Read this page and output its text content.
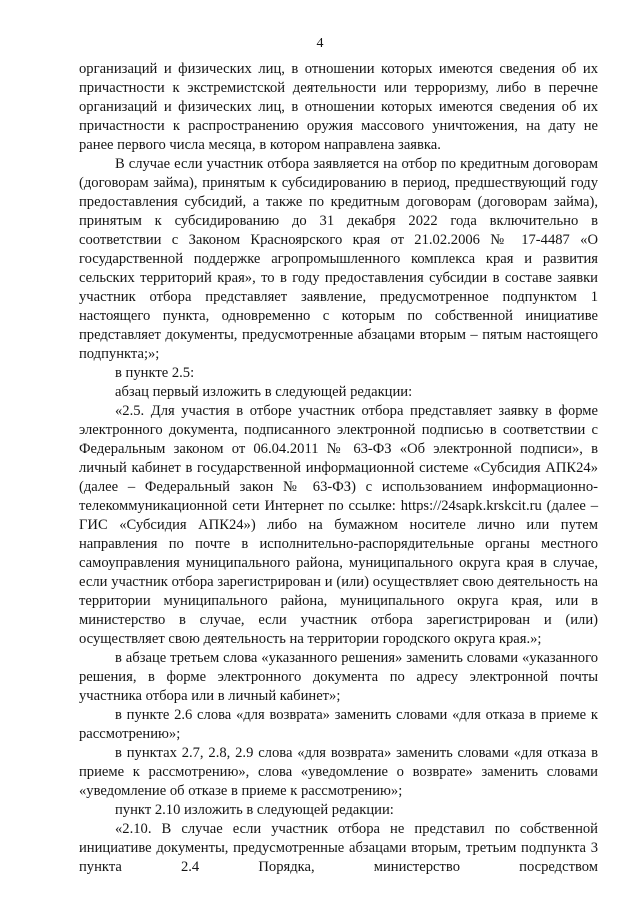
4

организаций и физических лиц, в отношении которых имеются сведения об их причастности к экстремистской деятельности или терроризму, либо в перечне организаций и физических лиц, в отношении которых имеются сведения об их причастности к распространению оружия массового уничтожения, на дату не ранее первого числа месяца, в котором направлена заявка.

В случае если участник отбора заявляется на отбор по кредитным договорам (договорам займа), принятым к субсидированию в период, предшествующий году предоставления субсидий, а также по кредитным договорам (договорам займа), принятым к субсидированию до 31 декабря 2022 года включительно в соответствии с Законом Красноярского края от 21.02.2006 № 17-4487 «О государственной поддержке агропромышленного комплекса края и развития сельских территорий края», то в году предоставления субсидии в составе заявки участник отбора представляет заявление, предусмотренное подпунктом 1 настоящего пункта, одновременно с которым по собственной инициативе представляет документы, предусмотренные абзацами вторым – пятым настоящего подпункта;»;

в пункте 2.5:

абзац первый изложить в следующей редакции:

«2.5. Для участия в отборе участник отбора представляет заявку в форме электронного документа, подписанного электронной подписью в соответствии с Федеральным законом от 06.04.2011 № 63-ФЗ «Об электронной подписи», в личный кабинет в государственной информационной системе «Субсидия АПК24» (далее – Федеральный закон № 63-ФЗ) с использованием информационно-телекоммуникационной сети Интернет по ссылке: https://24sapk.krskcit.ru (далее – ГИС «Субсидия АПК24») либо на бумажном носителе лично или путем направления по почте в исполнительно-распорядительные органы местного самоуправления муниципального района, муниципального округа края в случае, если участник отбора зарегистрирован и (или) осуществляет свою деятельность на территории муниципального района, муниципального округа края, или в министерство в случае, если участник отбора зарегистрирован и (или) осуществляет свою деятельность на территории городского округа края.»;

в абзаце третьем слова «указанного решения» заменить словами «указанного решения, в форме электронного документа по адресу электронной почты участника отбора или в личный кабинет»;

в пункте 2.6 слова «для возврата» заменить словами «для отказа в приеме к рассмотрению»;

в пунктах 2.7, 2.8, 2.9 слова «для возврата» заменить словами «для отказа в приеме к рассмотрению», слова «уведомление о возврате» заменить словами «уведомление об отказе в приеме к рассмотрению»;

пункт 2.10 изложить в следующей редакции:

«2.10. В случае если участник отбора не представил по собственной инициативе документы, предусмотренные абзацами вторым, третьим подпункта 3 пункта 2.4 Порядка, министерство посредством
